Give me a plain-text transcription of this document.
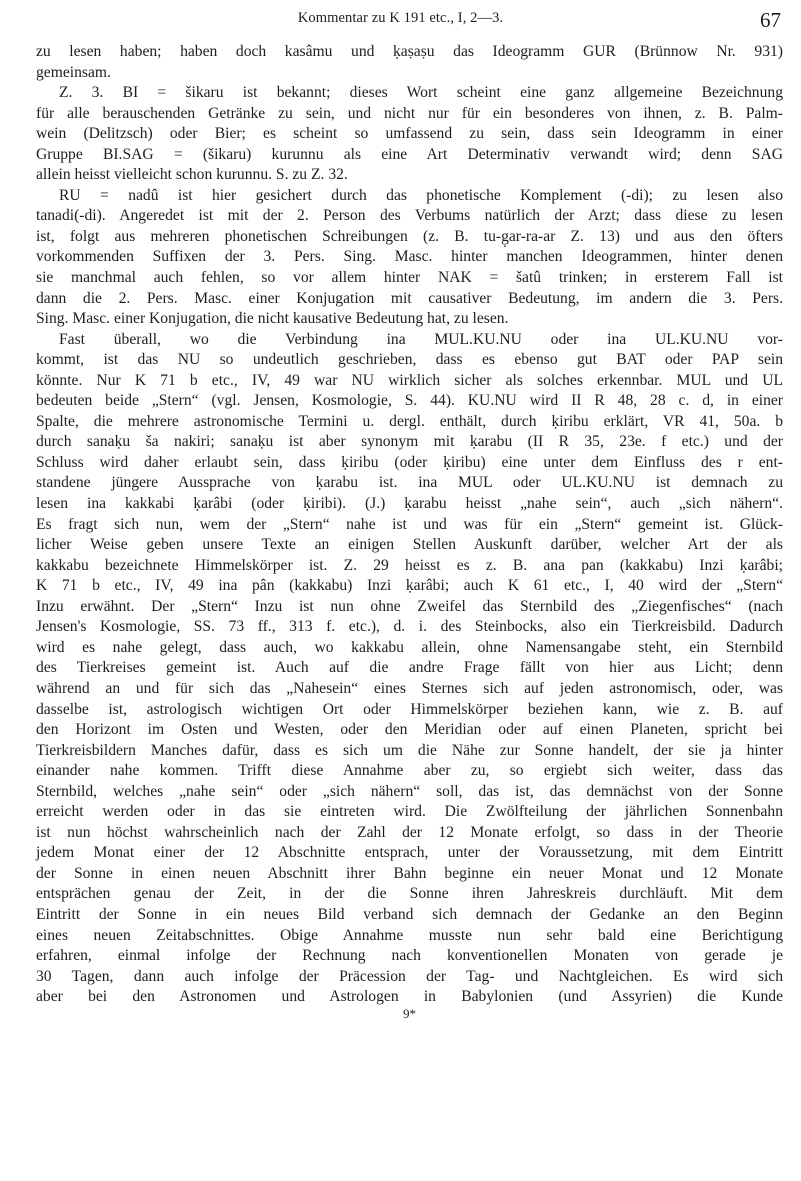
Kommentar zu K 191 etc., I, 2—3.	67
zu lesen haben; haben doch kasâmu und ḳaṣaṣu das Ideogramm GUR (Brünnow Nr. 931)
gemeinsam.
Z. 3. BI = šikaru ist bekannt; dieses Wort scheint eine ganz allgemeine Bezeichnung
für alle berauschenden Getränke zu sein, und nicht nur für ein besonderes von ihnen, z. B. Palm-
wein (Delitzsch) oder Bier; es scheint so umfassend zu sein, dass sein Ideogramm in einer
Gruppe BI.SAG = (šikaru) kurunnu als eine Art Determinativ verwandt wird; denn SAG
allein heisst vielleicht schon kurunnu. S. zu Z. 32.
RU = nadû ist hier gesichert durch das phonetische Komplement (-di); zu lesen also
tanadi(-di). Angeredet ist mit der 2. Person des Verbums natürlich der Arzt; dass diese zu lesen
ist, folgt aus mehreren phonetischen Schreibungen (z. B. tu-g̣ar-ra-ar Z. 13) und aus den öfters
vorkommenden Suffixen der 3. Pers. Sing. Masc. hinter manchen Ideogrammen, hinter denen
sie manchmal auch fehlen, so vor allem hinter NAK = šatû trinken; in ersterem Fall ist
dann die 2. Pers. Masc. einer Konjugation mit causativer Bedeutung, im andern die 3. Pers.
Sing. Masc. einer Konjugation, die nicht kausative Bedeutung hat, zu lesen.
Fast überall, wo die Verbindung ina MUL.KU.NU oder ina UL.KU.NU vor-
kommt, ist das NU so undeutlich geschrieben, dass es ebenso gut BAT oder PAP sein
könnte. Nur K 71 b etc., IV, 49 war NU wirklich sicher als solches erkennbar. MUL und UL
bedeuten beide „Stern“ (vgl. Jensen, Kosmologie, S. 44). KU.NU wird II R 48, 28 c. d, in einer
Spalte, die mehrere astronomische Termini u. dergl. enthält, durch ḳiribu erklärt, VR 41, 50a. b
durch sanaḳu ša nakiri; sanaḳu ist aber synonym mit ḳarabu (II R 35, 23e. f etc.) und der
Schluss wird daher erlaubt sein, dass ḳiribu (oder ḳiribu) eine unter dem Einfluss des r ent-
standene jüngere Aussprache von ḳarabu ist. ina MUL oder UL.KU.NU ist demnach zu
lesen ina kakkabi ḳarâbi (oder ḳiribi). (J.) ḳarabu heisst „nahe sein“, auch „sich nähern“.
Es fragt sich nun, wem der „Stern“ nahe ist und was für ein „Stern“ gemeint ist. Glück-
licher Weise geben unsere Texte an einigen Stellen Auskunft darüber, welcher Art der als
kakkabu bezeichnete Himmelskörper ist. Z. 29 heisst es z. B. ana pan (kakkabu) Inzi ḳarâbi;
K 71 b etc., IV, 49 ina pân (kakkabu) Inzi ḳarâbi; auch K 61 etc., I, 40 wird der „Stern“
Inzu erwähnt. Der „Stern“ Inzu ist nun ohne Zweifel das Sternbild des „Ziegenfisches“ (nach
Jensen's Kosmologie, SS. 73 ff., 313 f. etc.), d. i. des Steinbocks, also ein Tierkreisbild. Dadurch
wird es nahe gelegt, dass auch, wo kakkabu allein, ohne Namensangabe steht, ein Sternbild
des Tierkreises gemeint ist. Auch auf die andre Frage fällt von hier aus Licht; denn
während an und für sich das „Nahesein“ eines Sternes sich auf jeden astronomisch, oder, was
dasselbe ist, astrologisch wichtigen Ort oder Himmelskörper beziehen kann, wie z. B. auf
den Horizont im Osten und Westen, oder den Meridian oder auf einen Planeten, spricht bei
Tierkreisbildern Manches dafür, dass es sich um die Nähe zur Sonne handelt, der sie ja hinter
einander nahe kommen. Trifft diese Annahme aber zu, so ergiebt sich weiter, dass das
Sternbild, welches „nahe sein“ oder „sich nähern“ soll, das ist, das demnächst von der Sonne
erreicht werden oder in das sie eintreten wird. Die Zwölfteilung der jährlichen Sonnenbahn
ist nun höchst wahrscheinlich nach der Zahl der 12 Monate erfolgt, so dass in der Theorie
jedem Monat einer der 12 Abschnitte entsprach, unter der Voraussetzung, mit dem Eintritt
der Sonne in einen neuen Abschnitt ihrer Bahn beginne ein neuer Monat und 12 Monate
entsprächen genau der Zeit, in der die Sonne ihren Jahreskreis durchläuft. Mit dem
Eintritt der Sonne in ein neues Bild verband sich demnach der Gedanke an den Beginn
eines neuen Zeitabschnittes. Obige Annahme musste nun sehr bald eine Berichtigung
erfahren, einmal infolge der Rechnung nach konventionellen Monaten von gerade je
30 Tagen, dann auch infolge der Präcession der Tag- und Nachtgleichen. Es wird sich
aber bei den Astronomen und Astrologen in Babylonien (und Assyrien) die Kunde
9*
